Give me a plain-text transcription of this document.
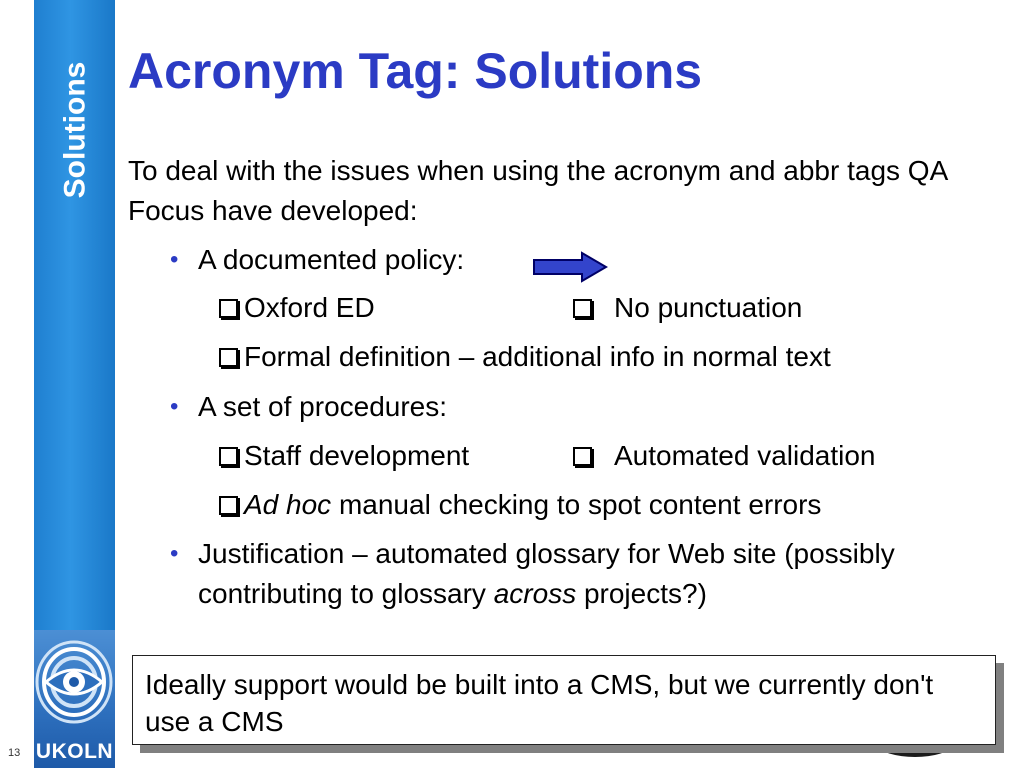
Solutions
UKOLN
13
Acronym Tag: Solutions
To deal with the issues when using the acronym and abbr tags QA Focus have developed:
• A documented policy:
Oxford ED	No punctuation
Formal definition – additional info in normal text
• A set of procedures:
Staff development	Automated validation
Ad hoc manual checking to spot content errors
• Justification – automated glossary for Web site (possibly contributing to glossary across projects?)
Ideally support would be built into a CMS, but we currently don't use a CMS
